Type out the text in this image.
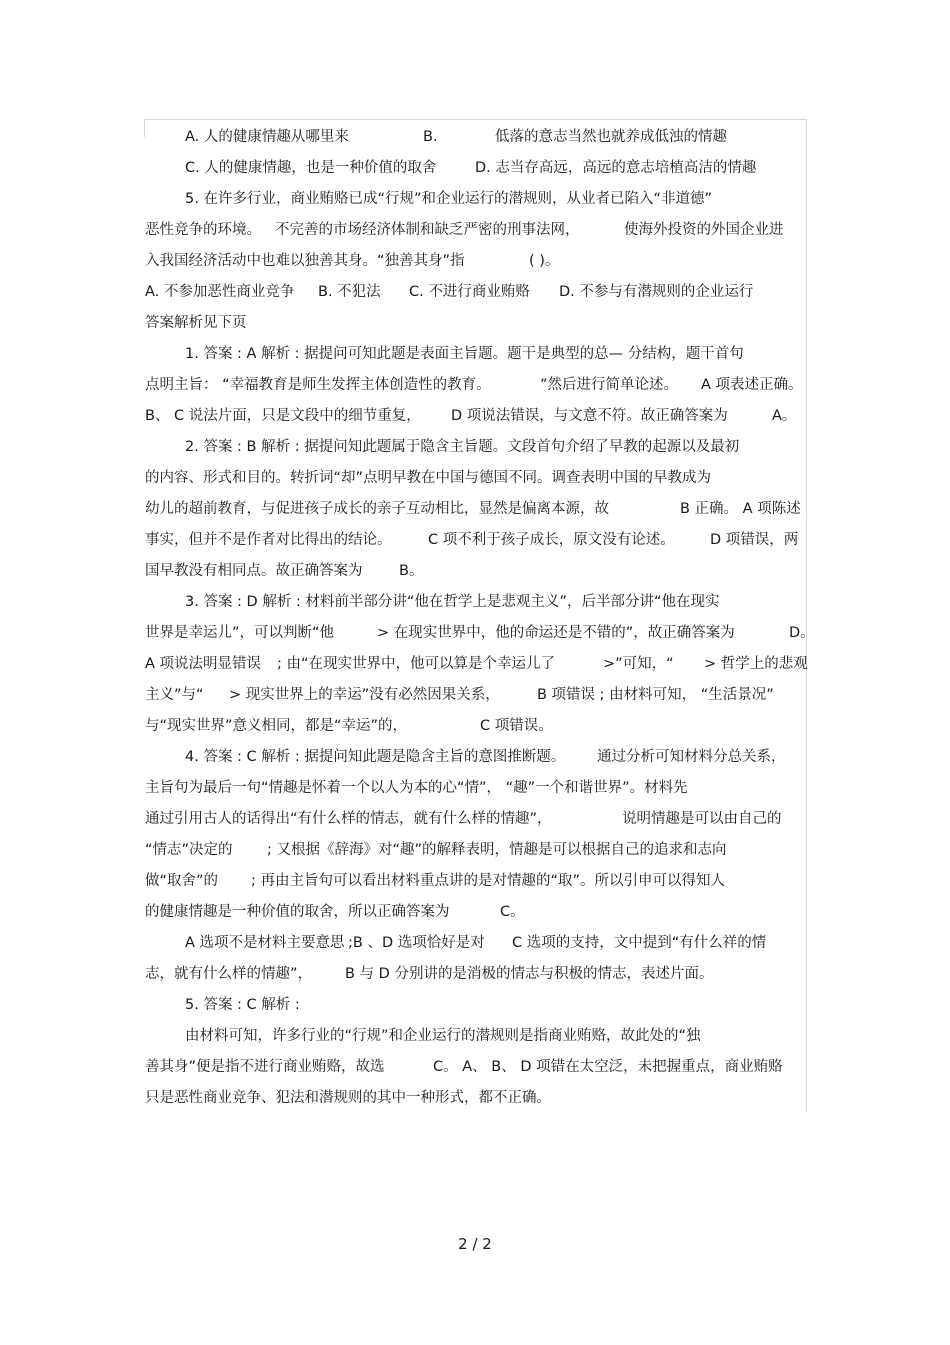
A. 人的健康情趣从哪里来	B.	低落的意志当然也就养成低浊的情趣
C. 人的健康情趣，也是一种价值的取舍	D. 志当存高远，高远的意志培植高洁的情趣
5. 在许多行业，商业贿赂已成“行规”和企业运行的潜规则，从业者已陷入“非道德”
恶性竞争的环境。 不完善的市场经济体制和缺乏严密的刑事法网，	使海外投资的外国企业进
入我国经济活动中也难以独善其身。“独善其身”指	( )。
A. 不参加恶性商业竞争 B. 不犯法 C. 不进行商业贿赂 D. 不参与有潜规则的企业运行
答案解析见下页
1. 答案 : A 解析 : 据提问可知此题是表面主旨题。题干是典型的总— 分结构，题干首句
点明主旨： “幸福教育是师生发挥主体创造性的教育。	”然后进行简单论述。 A 项表述正确。
B、 C 说法片面，只是文段中的细节重复， D 项说法错误，与文意不符。故正确答案为	A。
2. 答案 : B 解析 : 据提问知此题属于隐含主旨题。文段首句介绍了早教的起源以及最初
的内容、形式和目的。转折词“却”点明早教在中国与德国不同。调查表明中国的早教成为
幼儿的超前教育，与促进孩子成长的亲子互动相比，显然是偏离本源，故	B 正确。 A 项陈述
事实，但并不是作者对比得出的结论。	C 项不利于孩子成长，原文没有论述。 D 项错误，两
国早教没有相同点。故正确答案为	B。
3. 答案 : D 解析 : 材料前半部分讲“他在哲学上是悲观主义”，后半部分讲“他在现实
世界是幸运儿”，可以判断“他	> 在现实世界中，他的命运还是不错的”，故正确答案为	D。
A 项说法明显错误 ; 由“在现实世界中，他可以算是个幸运儿了	>”可知，“ > 哲学上的悲观
主义”与“ > 现实世界上的幸运”没有必然因果关系，	B 项错误 ; 由材料可知， “生活景况”
与“现实世界”意义相同，都是“幸运”的，	C 项错误。
4. 答案 : C 解析 : 据提问知此题是隐含主旨的意图推断题。 通过分析可知材料分总关系，
主旨句为最后一句“情趣是怀着一个以人为本的心“情”， “趣”一个和谐世界”。材料先
通过引用古人的话得出“有什么样的情志，就有什么样的情趣”，	说明情趣是可以由自己的
“情志”决定的 ; 又根据《辞海》对“趣”的解释表明，情趣是可以根据自己的追求和志向
做“取舍”的 ; 再由主旨句可以看出材料重点讲的是对情趣的“取”。所以引申可以得知人
的健康情趣是一种价值的取舍，所以正确答案为	C。
A 选项不是材料主要意思 ;B 、D 选项恰好是对 C 选项的支持，文中提到“有什么祥的情
志，就有什么样的情趣”， B 与 D 分别讲的是消极的情志与积极的情志，表述片面。
5. 答案 : C 解析 :
由材料可知，许多行业的“行规”和企业运行的潜规则是指商业贿赂，故此处的“独
善其身”便是指不进行商业贿赂，故选	C。 A、 B、 D 项错在太空泛，未把握重点，商业贿赂
只是恶性商业竞争、犯法和潜规则的其中一种形式，都不正确。
2 / 2
